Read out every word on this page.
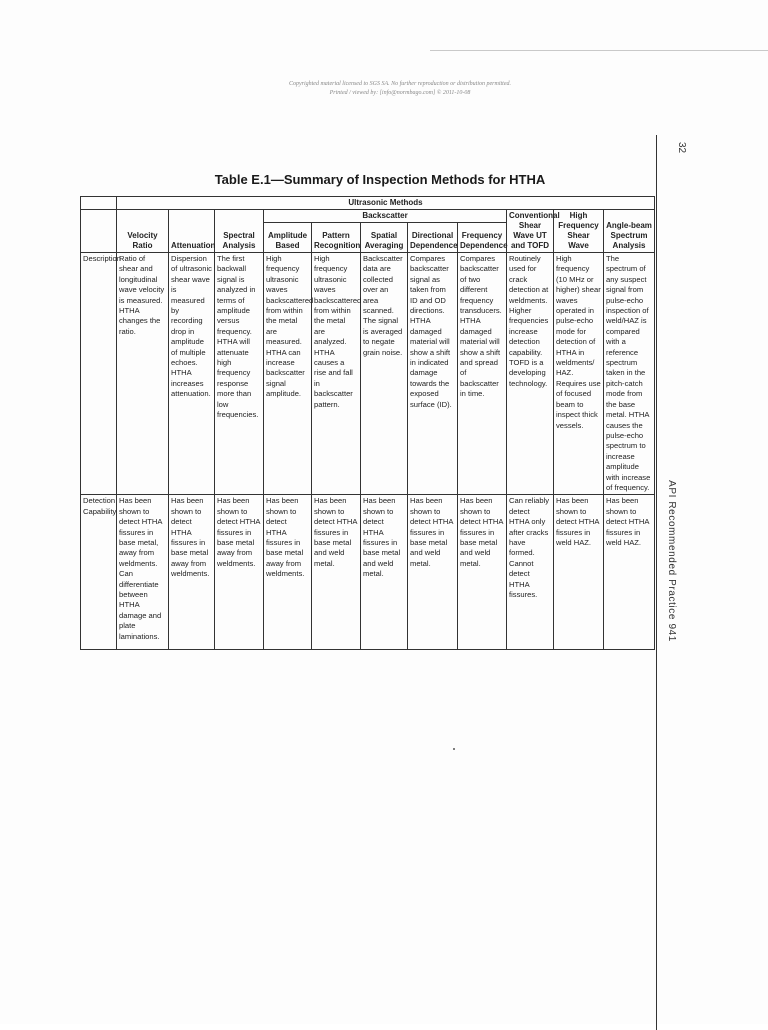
Copyrighted material licensed to SGS SA. No further reproduction or distribution permitted.
Printed / viewed by: [info@normbago.com] © 2011-10-08
32
API Recommended Practice 941
Table E.1—Summary of Inspection Methods for HTHA
	Ultrasonic Methods										
	Velocity Ratio	Attenuation	Spectral Analysis	Backscatter					Conventional Shear Wave UT and TOFD	High Frequency Shear Wave	Angle-beam Spectrum Analysis
				Amplitude Based	Pattern Recognition	Spatial Averaging	Directional Dependence	Frequency Dependence			
Description	Ratio of shear and longitudinal wave velocity is measured. HTHA changes the ratio.	Dispersion of ultrasonic shear wave is measured by recording drop in amplitude of multiple echoes. HTHA increases attenuation.	The first backwall signal is analyzed in terms of amplitude versus frequency. HTHA will attenuate high frequency response more than low frequencies.	High frequency ultrasonic waves backscattered from within the metal are measured. HTHA can increase backscatter signal amplitude.	High frequency ultrasonic waves backscattered from within the metal are analyzed. HTHA causes a rise and fall in backscatter pattern.	Backscatter data are collected over an area scanned. The signal is averaged to negate grain noise.	Compares backscatter signal as taken from ID and OD directions. HTHA damaged material will show a shift in indicated damage towards the exposed surface (ID).	Compares backscatter of two different frequency transducers. HTHA damaged material will show a shift and spread of backscatter in time.	Routinely used for crack detection at weldments. Higher frequencies increase detection capability. TOFD is a developing technology.	High frequency (10 MHz or higher) shear waves operated in pulse-echo mode for detection of HTHA in weldments/ HAZ. Requires use of focused beam to inspect thick vessels.	The spectrum of any suspect signal from pulse-echo inspection of weld/HAZ is compared with a reference spectrum taken in the pitch-catch mode from the base metal. HTHA causes the pulse-echo spectrum to increase amplitude with increase of frequency.
Detection Capability	Has been shown to detect HTHA fissures in base metal, away from weldments. Can differentiate between HTHA damage and plate laminations.	Has been shown to detect HTHA fissures in base metal away from weldments.	Has been shown to detect HTHA fissures in base metal away from weldments.	Has been shown to detect HTHA fissures in base metal away from weldments.	Has been shown to detect HTHA fissures in base metal and weld metal.	Has been shown to detect HTHA fissures in base metal and weld metal.	Has been shown to detect HTHA fissures in base metal and weld metal.	Has been shown to detect HTHA fissures in base metal and weld metal.	Can reliably detect HTHA only after cracks have formed. Cannot detect HTHA fissures.	Has been shown to detect HTHA fissures in weld HAZ.	Has been shown to detect HTHA fissures in weld HAZ.
